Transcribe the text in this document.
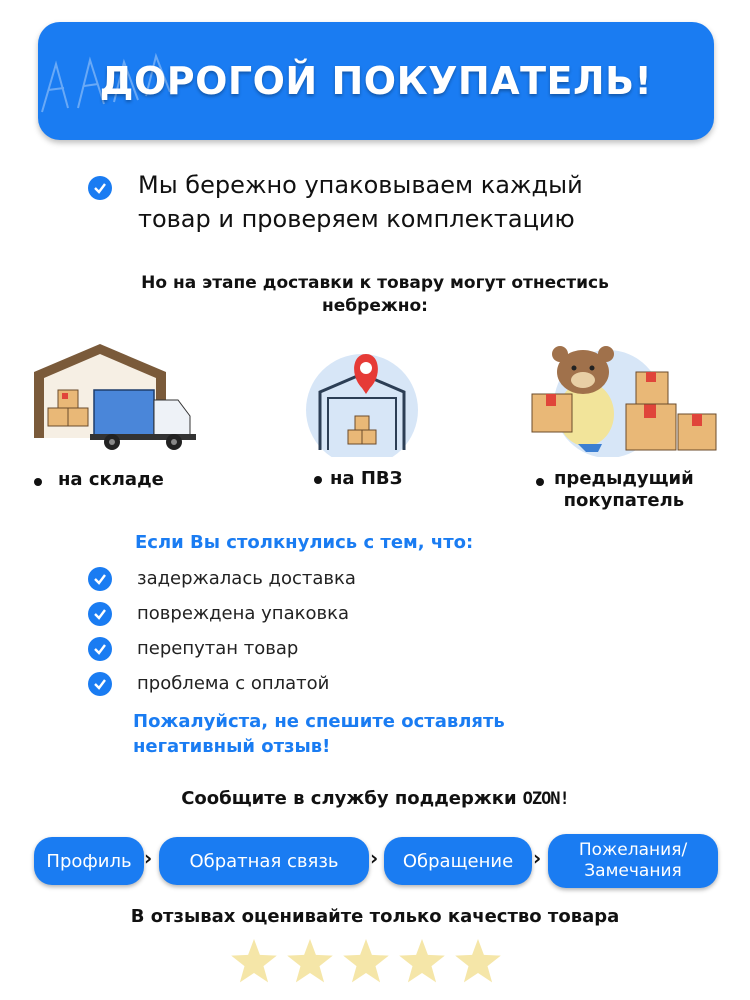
ДОРОГОЙ ПОКУПАТЕЛЬ!
Мы бережно упаковываем каждый
товар и проверяем комплектацию
Но на этапе доставки к товару могут отнестись
небрежно:
на складе	на ПВЗ	предыдущий
покупатель
Если Вы столкнулись с тем, что:
задержалась доставка
повреждена упаковка
перепутан товар
проблема с оплатой
Пожалуйста, не спешите оставлять
негативный отзыв!
Сообщите в службу поддержки OZON!
Профиль ›	Обратная связь	›	Обращение › Пожелания/
Замечания
В отзывах оценивайте только качество товара
